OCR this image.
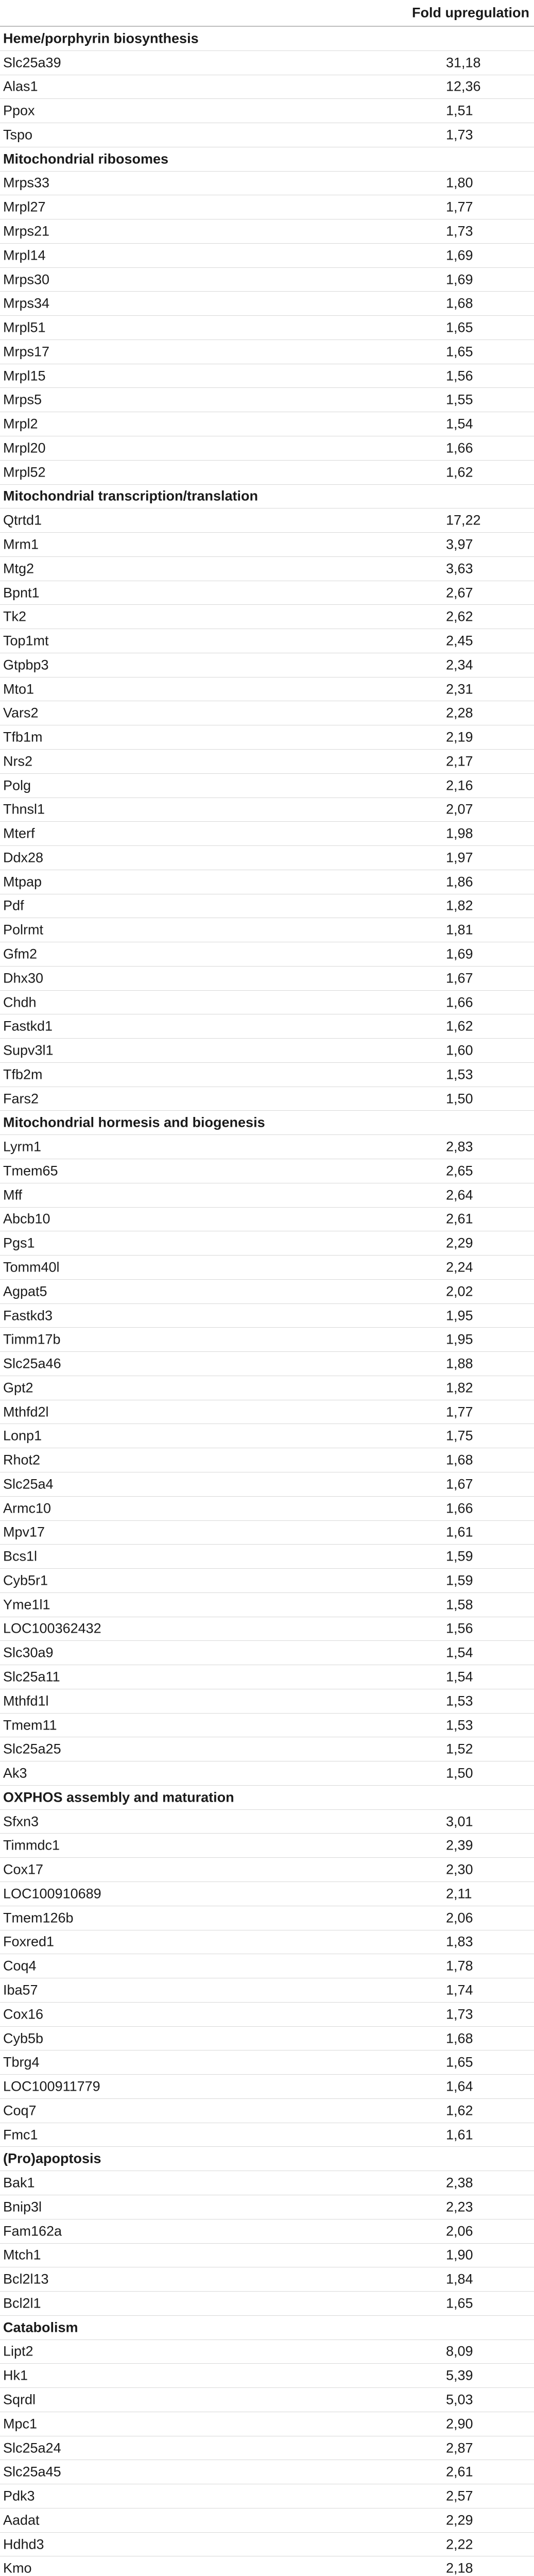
Fold upregulation
Heme/porphyrin biosynthesis
Slc25a39	31,18
Alas1	12,36
Ppox	1,51
Tspo	1,73
Mitochondrial ribosomes
Mrps33	1,80
Mrpl27	1,77
Mrps21	1,73
Mrpl14	1,69
Mrps30	1,69
Mrps34	1,68
Mrpl51	1,65
Mrps17	1,65
Mrpl15	1,56
Mrps5	1,55
Mrpl2	1,54
Mrpl20	1,66
Mrpl52	1,62
Mitochondrial transcription/translation
Qtrtd1	17,22
Mrm1	3,97
Mtg2	3,63
Bpnt1	2,67
Tk2	2,62
Top1mt	2,45
Gtpbp3	2,34
Mto1	2,31
Vars2	2,28
Tfb1m	2,19
Nrs2	2,17
Polg	2,16
Thnsl1	2,07
Mterf	1,98
Ddx28	1,97
Mtpap	1,86
Pdf	1,82
Polrmt	1,81
Gfm2	1,69
Dhx30	1,67
Chdh	1,66
Fastkd1	1,62
Supv3l1	1,60
Tfb2m	1,53
Fars2	1,50
Mitochondrial hormesis and biogenesis
Lyrm1	2,83
Tmem65	2,65
Mff	2,64
Abcb10	2,61
Pgs1	2,29
Tomm40l	2,24
Agpat5	2,02
Fastkd3	1,95
Timm17b	1,95
Slc25a46	1,88
Gpt2	1,82
Mthfd2l	1,77
Lonp1	1,75
Rhot2	1,68
Slc25a4	1,67
Armc10	1,66
Mpv17	1,61
Bcs1l	1,59
Cyb5r1	1,59
Yme1l1	1,58
LOC100362432	1,56
Slc30a9	1,54
Slc25a11	1,54
Mthfd1l	1,53
Tmem11	1,53
Slc25a25	1,52
Ak3	1,50
OXPHOS assembly and maturation
Sfxn3	3,01
Timmdc1	2,39
Cox17	2,30
LOC100910689	2,11
Tmem126b	2,06
Foxred1	1,83
Coq4	1,78
Iba57	1,74
Cox16	1,73
Cyb5b	1,68
Tbrg4	1,65
LOC100911779	1,64
Coq7	1,62
Fmc1	1,61
(Pro)apoptosis
Bak1	2,38
Bnip3l	2,23
Fam162a	2,06
Mtch1	1,90
Bcl2l13	1,84
Bcl2l1	1,65
Catabolism
Lipt2	8,09
Hk1	5,39
Sqrdl	5,03
Mpc1	2,90
Slc25a24	2,87
Slc25a45	2,61
Pdk3	2,57
Aadat	2,29
Hdhd3	2,22
Kmo	2,18
